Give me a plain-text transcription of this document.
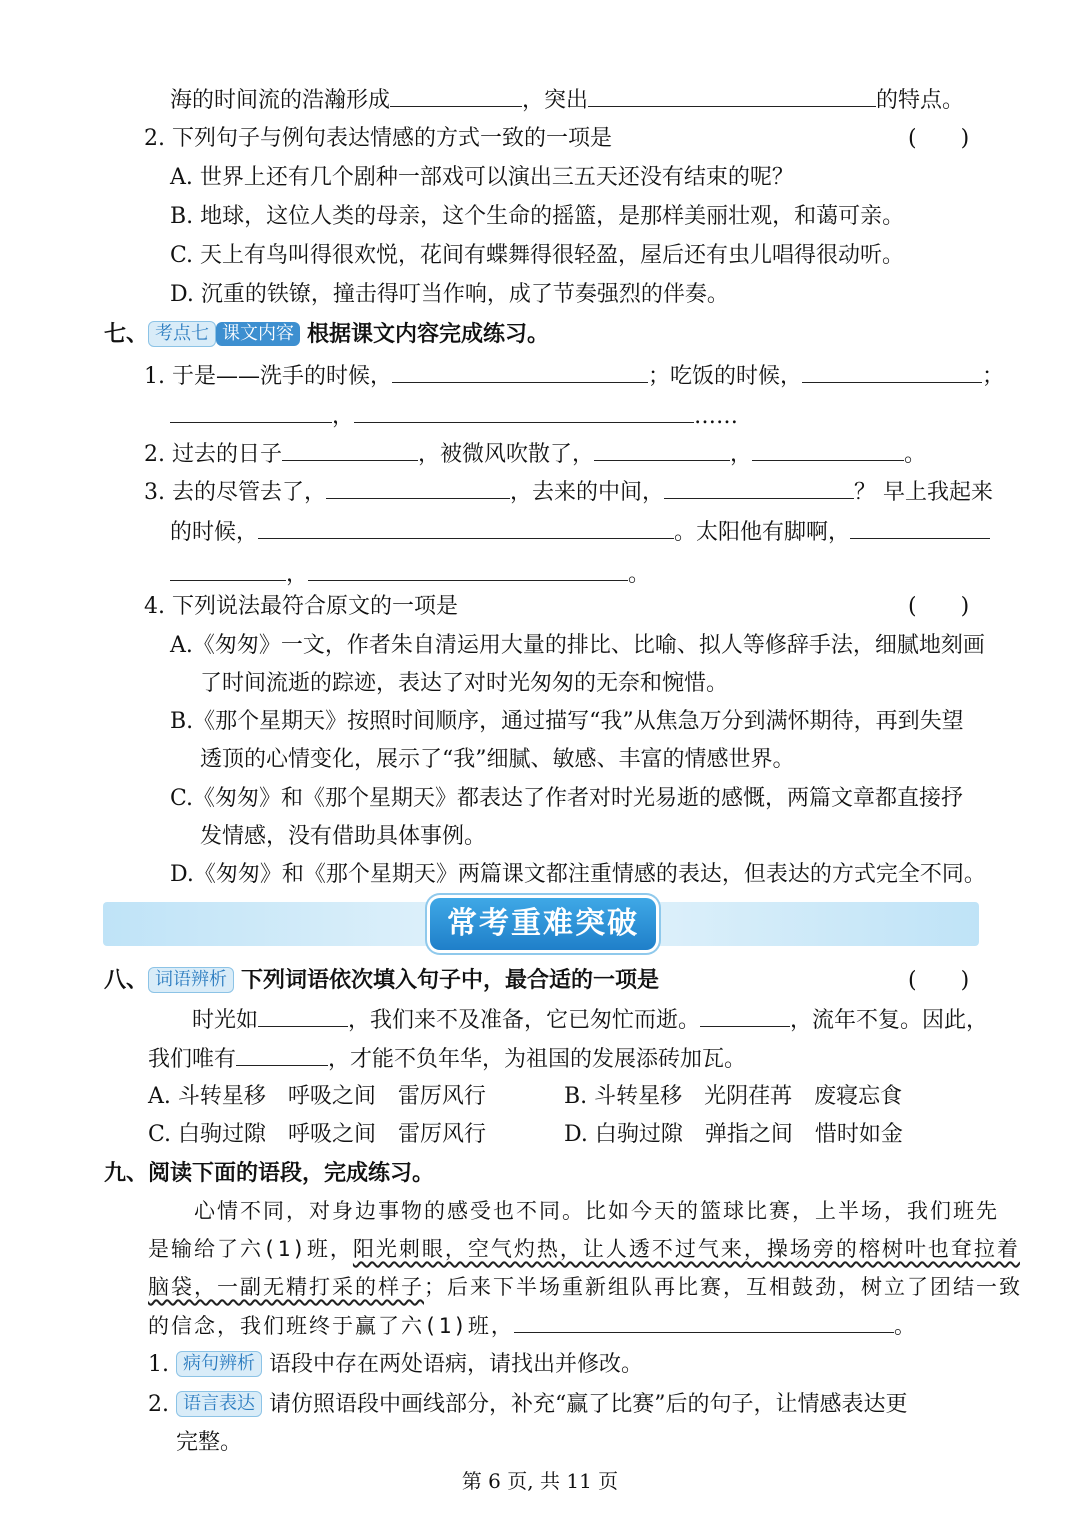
海的时间流的浩瀚形成	，突出	的特点。
2. 下列句子与例句表达情感的方式一致的一项是	(　　)
A. 世界上还有几个剧种一部戏可以演出三五天还没有结束的呢？
B. 地球，这位人类的母亲，这个生命的摇篮，是那样美丽壮观，和蔼可亲。
C. 天上有鸟叫得很欢悦，花间有蝶舞得很轻盈，屋后还有虫儿唱得很动听。
D. 沉重的铁镣，撞击得叮当作响，成了节奏强烈的伴奏。
七、 考点七 课文内容 根据课文内容完成练习。
1. 于是——洗手的时候，	；吃饭的时候，	；
，	……
2. 过去的日子	，被微风吹散了，	，	。
3. 去的尽管去了，	，去来的中间，	？ 早上我起来
的时候，	。太阳他有脚啊，
，	。
4. 下列说法最符合原文的一项是	(　　)
A.《匆匆》一文，作者朱自清运用大量的排比、比喻、拟人等修辞手法，细腻地刻画
了时间流逝的踪迹，表达了对时光匆匆的无奈和惋惜。
B.《那个星期天》按照时间顺序，通过描写“我”从焦急万分到满怀期待，再到失望
透顶的心情变化，展示了“我”细腻、敏感、丰富的情感世界。
C.《匆匆》和《那个星期天》都表达了作者对时光易逝的感慨，两篇文章都直接抒
发情感，没有借助具体事例。
D.《匆匆》和《那个星期天》两篇课文都注重情感的表达，但表达的方式完全不同。
常考重难突破
八、 词语辨析 下列词语依次填入句子中，最合适的一项是	(　　)
时光如	，我们来不及准备，它已匆忙而逝。	，流年不复。因此，
我们唯有	，才能不负年华，为祖国的发展添砖加瓦。
A. 斗转星移　呼吸之间　雷厉风行	B. 斗转星移　光阴荏苒　废寝忘食
C. 白驹过隙　呼吸之间　雷厉风行	D. 白驹过隙　弹指之间　惜时如金
九、阅读下面的语段，完成练习。
心情不同，对身边事物的感受也不同。比如今天的篮球比赛，上半场，我们班先
是输给了六(1)班，阳光刺眼，空气灼热，让人透不过气来，操场旁的榕树叶也耷拉着
脑袋，一副无精打采的样子；后来下半场重新组队再比赛，互相鼓劲，树立了团结一致
的信念，我们班终于赢了六(1)班，	。
1. 病句辨析 语段中存在两处语病，请找出并修改。
2. 语言表达 请仿照语段中画线部分，补充“赢了比赛”后的句子，让情感表达更
完整。
第 6 页, 共 11 页
